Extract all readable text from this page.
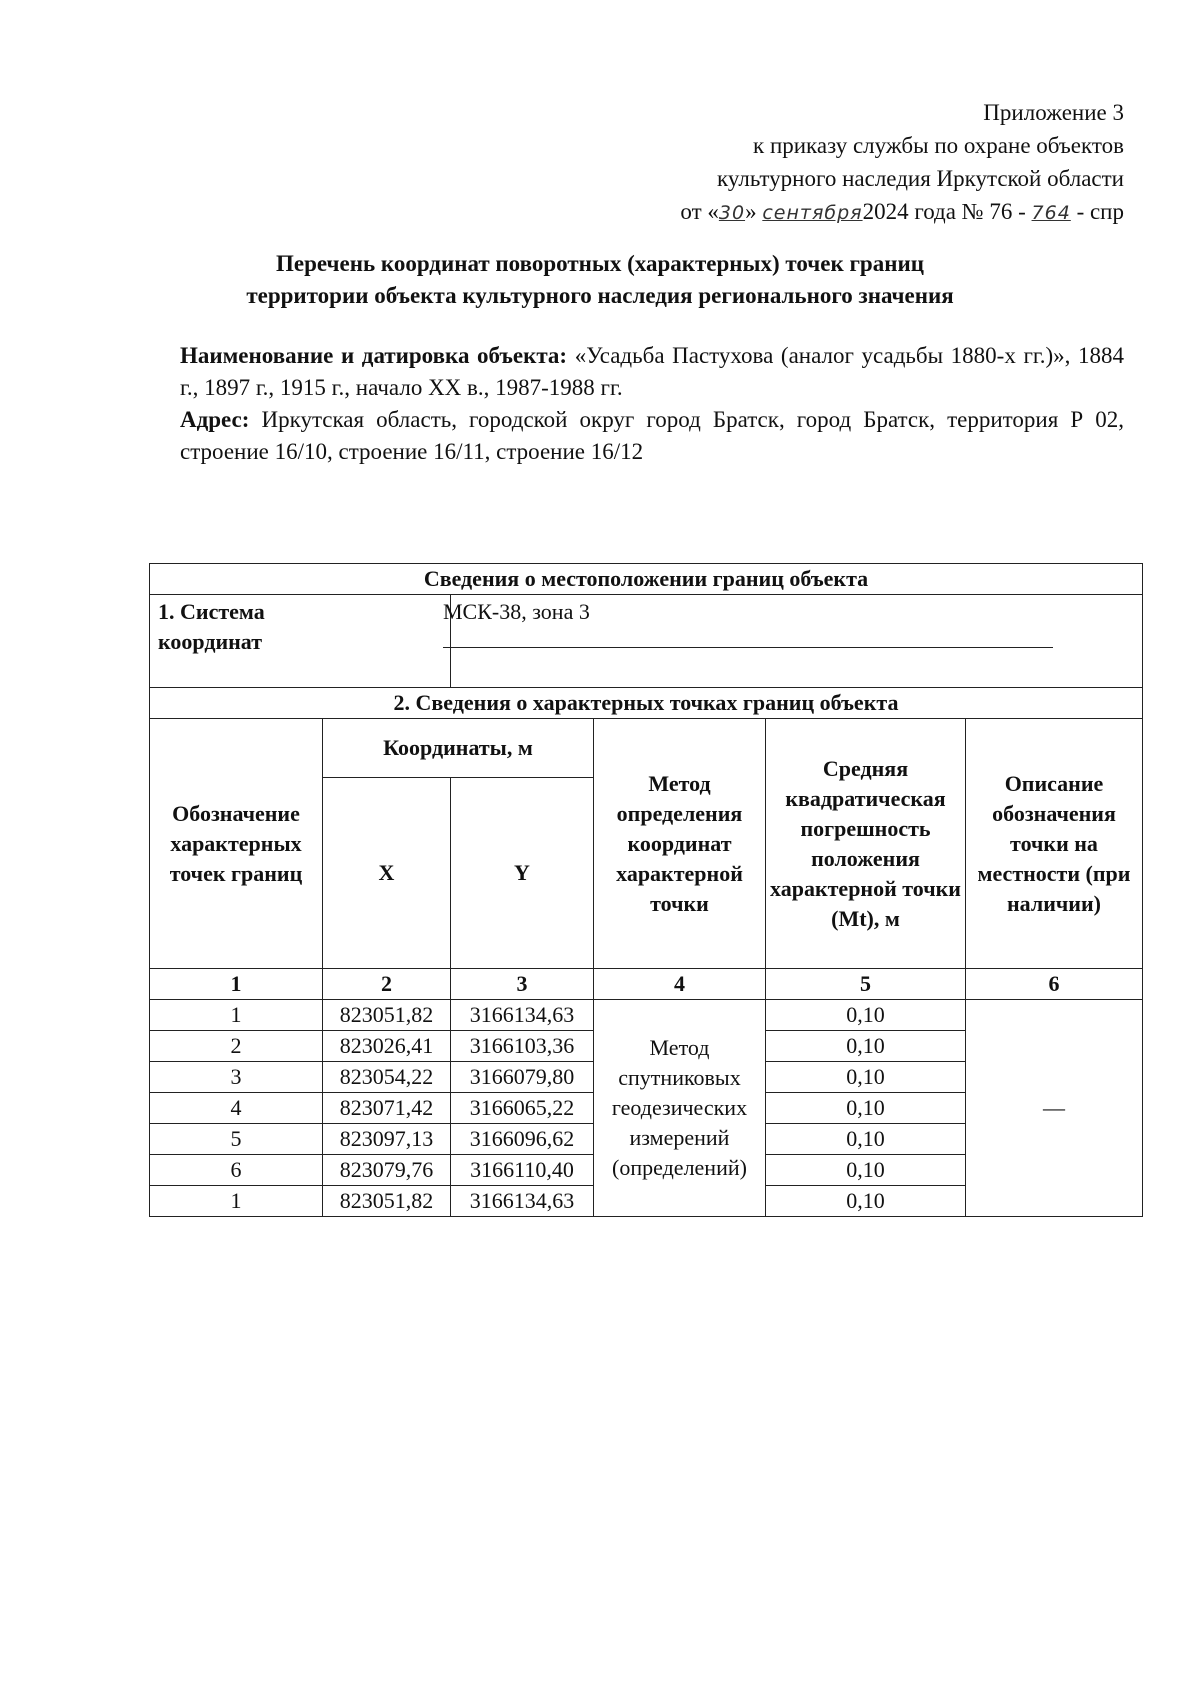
Приложение 3
к приказу службы по охране объектов
культурного наследия Иркутской области
от «30» сентября2024 года № 76 - 764 - спр
Перечень координат поворотных (характерных) точек границ
территории объекта культурного наследия регионального значения
Наименование и датировка объекта: «Усадьба Пастухова (аналог усадьбы 1880-х гг.)», 1884 г., 1897 г., 1915 г., начало XX в., 1987-1988 гг.
Адрес: Иркутская область, городской округ город Братск, город Братск, территория Р 02, строение 16/10, строение 16/11, строение 16/12
Сведения о местоположении границ объекта					

1. Система координат		МСК-38, зона 3			

2. Сведения о характерных точках границ объекта					
Обозначение характерных точек границ	Координаты, м		Метод определения координат характерной точки	Средняя квадратическая погрешность положения характерной точки (Mt), м	Описание обозначения точки на местности (при наличии)
	X	Y			
1	2	3	4	5	6
1	823051,82	3166134,63	Метод спутниковых геодезических измерений (определений)	0,10	—
2	823026,41	3166103,36		0,10	
3	823054,22	3166079,80		0,10	
4	823071,42	3166065,22		0,10	
5	823097,13	3166096,62		0,10	
6	823079,76	3166110,40		0,10	
1	823051,82	3166134,63		0,10	
